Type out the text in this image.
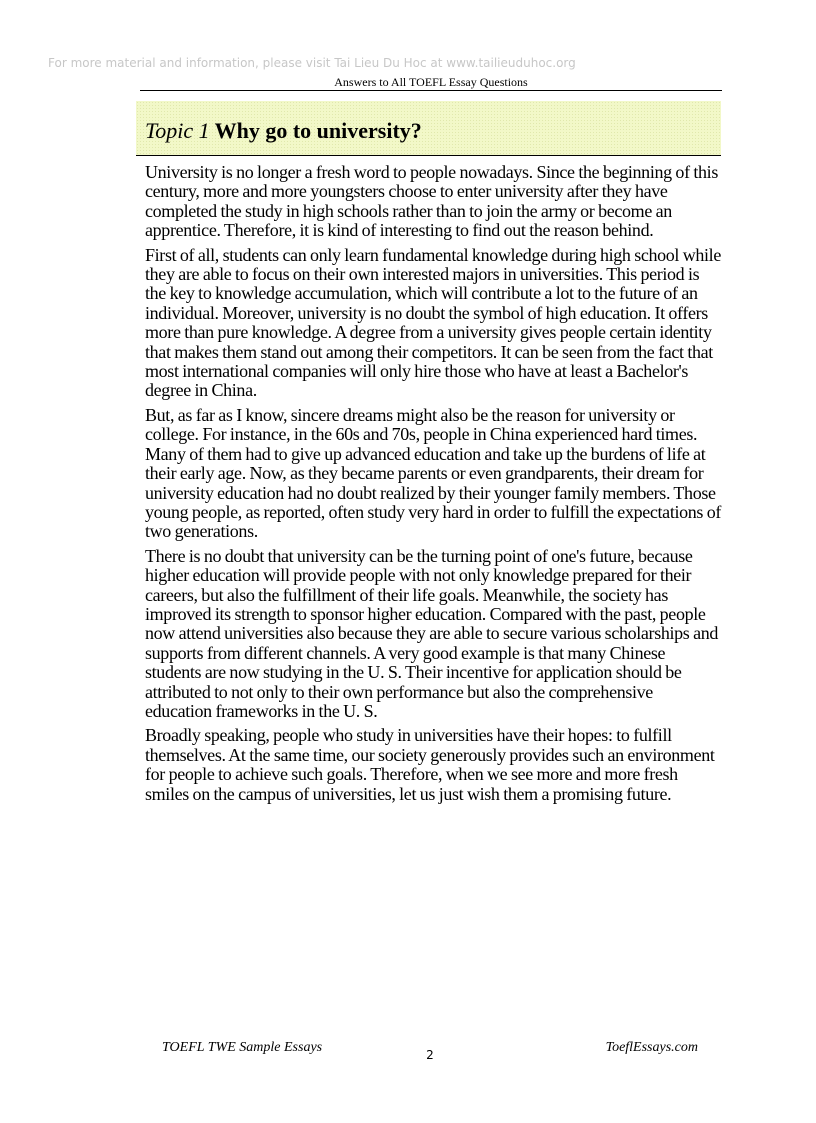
For more material and information, please visit Tai Lieu Du Hoc at www.tailieuduhoc.org
Answers to All TOEFL Essay Questions
Topic 1 Why go to university?

University is no longer a fresh word to people nowadays. Since the beginning of this century, more and more youngsters choose to enter university after they have completed the study in high schools rather than to join the army or become an apprentice. Therefore, it is kind of interesting to find out the reason behind.

First of all, students can only learn fundamental knowledge during high school while they are able to focus on their own interested majors in universities. This period is the key to knowledge accumulation, which will contribute a lot to the future of an individual. Moreover, university is no doubt the symbol of high education. It offers more than pure knowledge. A degree from a university gives people certain identity that makes them stand out among their competitors. It can be seen from the fact that most international companies will only hire those who have at least a Bachelor's degree in China.

But, as far as I know, sincere dreams might also be the reason for university or college. For instance, in the 60s and 70s, people in China experienced hard times. Many of them had to give up advanced education and take up the burdens of life at their early age. Now, as they became parents or even grandparents, their dream for university education had no doubt realized by their younger family members. Those young people, as reported, often study very hard in order to fulfill the expectations of two generations.

There is no doubt that university can be the turning point of one's future, because higher education will provide people with not only knowledge prepared for their careers, but also the fulfillment of their life goals. Meanwhile, the society has improved its strength to sponsor higher education. Compared with the past, people now attend universities also because they are able to secure various scholarships and supports from different channels. A very good example is that many Chinese students are now studying in the U. S. Their incentive for application should be attributed to not only to their own performance but also the comprehensive education frameworks in the U. S.

Broadly speaking, people who study in universities have their hopes: to fulfill themselves. At the same time, our society generously provides such an environment for people to achieve such goals. Therefore, when we see more and more fresh smiles on the campus of universities, let us just wish them a promising future.

TOEFL TWE Sample Essays	2	ToeflEssays.com
